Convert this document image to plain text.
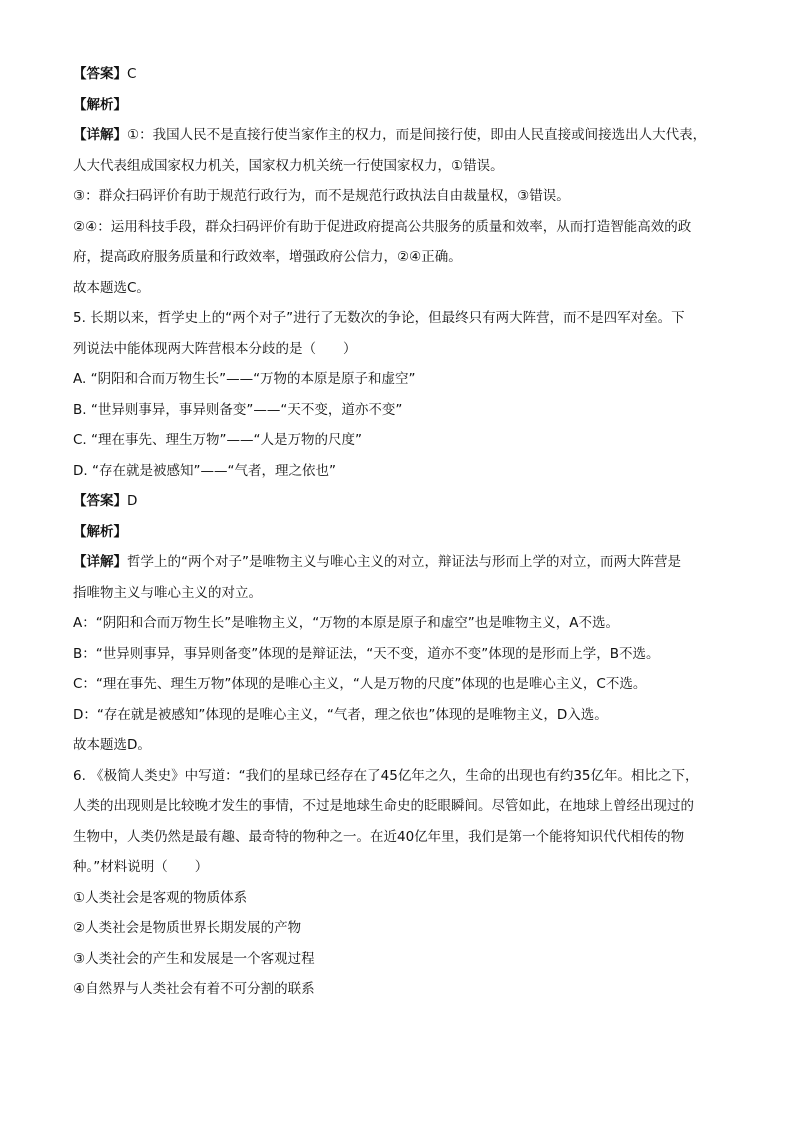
【答案】C

【解析】

【详解】①：我国人民不是直接行使当家作主的权力，而是间接行使，即由人民直接或间接选出人大代表，

人大代表组成国家权力机关，国家权力机关统一行使国家权力，①错误。

③：群众扫码评价有助于规范行政行为，而不是规范行政执法自由裁量权，③错误。

②④：运用科技手段，群众扫码评价有助于促进政府提高公共服务的质量和效率，从而打造智能高效的政

府，提高政府服务质量和行政效率，增强政府公信力，②④正确。

故本题选C。

5. 长期以来，哲学史上的“两个对子”进行了无数次的争论，但最终只有两大阵营，而不是四军对垒。下

列说法中能体现两大阵营根本分歧的是（　　）

A. “阴阳和合而万物生长”——“万物的本原是原子和虚空”

B. “世异则事异，事异则备变”——“天不变，道亦不变”

C. “理在事先、理生万物”——“人是万物的尺度”

D. “存在就是被感知”——“气者，理之依也”

【答案】D

【解析】

【详解】哲学上的“两个对子”是唯物主义与唯心主义的对立，辩证法与形而上学的对立，而两大阵营是

指唯物主义与唯心主义的对立。

A：“阴阳和合而万物生长”是唯物主义，“万物的本原是原子和虚空”也是唯物主义，A不选。

B：“世异则事异，事异则备变”体现的是辩证法，“天不变，道亦不变”体现的是形而上学，B不选。

C：“理在事先、理生万物”体现的是唯心主义，“人是万物的尺度”体现的也是唯心主义，C不选。

D：“存在就是被感知”体现的是唯心主义，“气者，理之依也”体现的是唯物主义，D入选。

故本题选D。

6. 《极简人类史》中写道：“我们的星球已经存在了45亿年之久，生命的出现也有约35亿年。相比之下，

人类的出现则是比较晚才发生的事情，不过是地球生命史的眨眼瞬间。尽管如此，在地球上曾经出现过的

生物中，人类仍然是最有趣、最奇特的物种之一。在近40亿年里，我们是第一个能将知识代代相传的物

种。”材料说明（　　）

①人类社会是客观的物质体系

②人类社会是物质世界长期发展的产物

③人类社会的产生和发展是一个客观过程

④自然界与人类社会有着不可分割的联系
